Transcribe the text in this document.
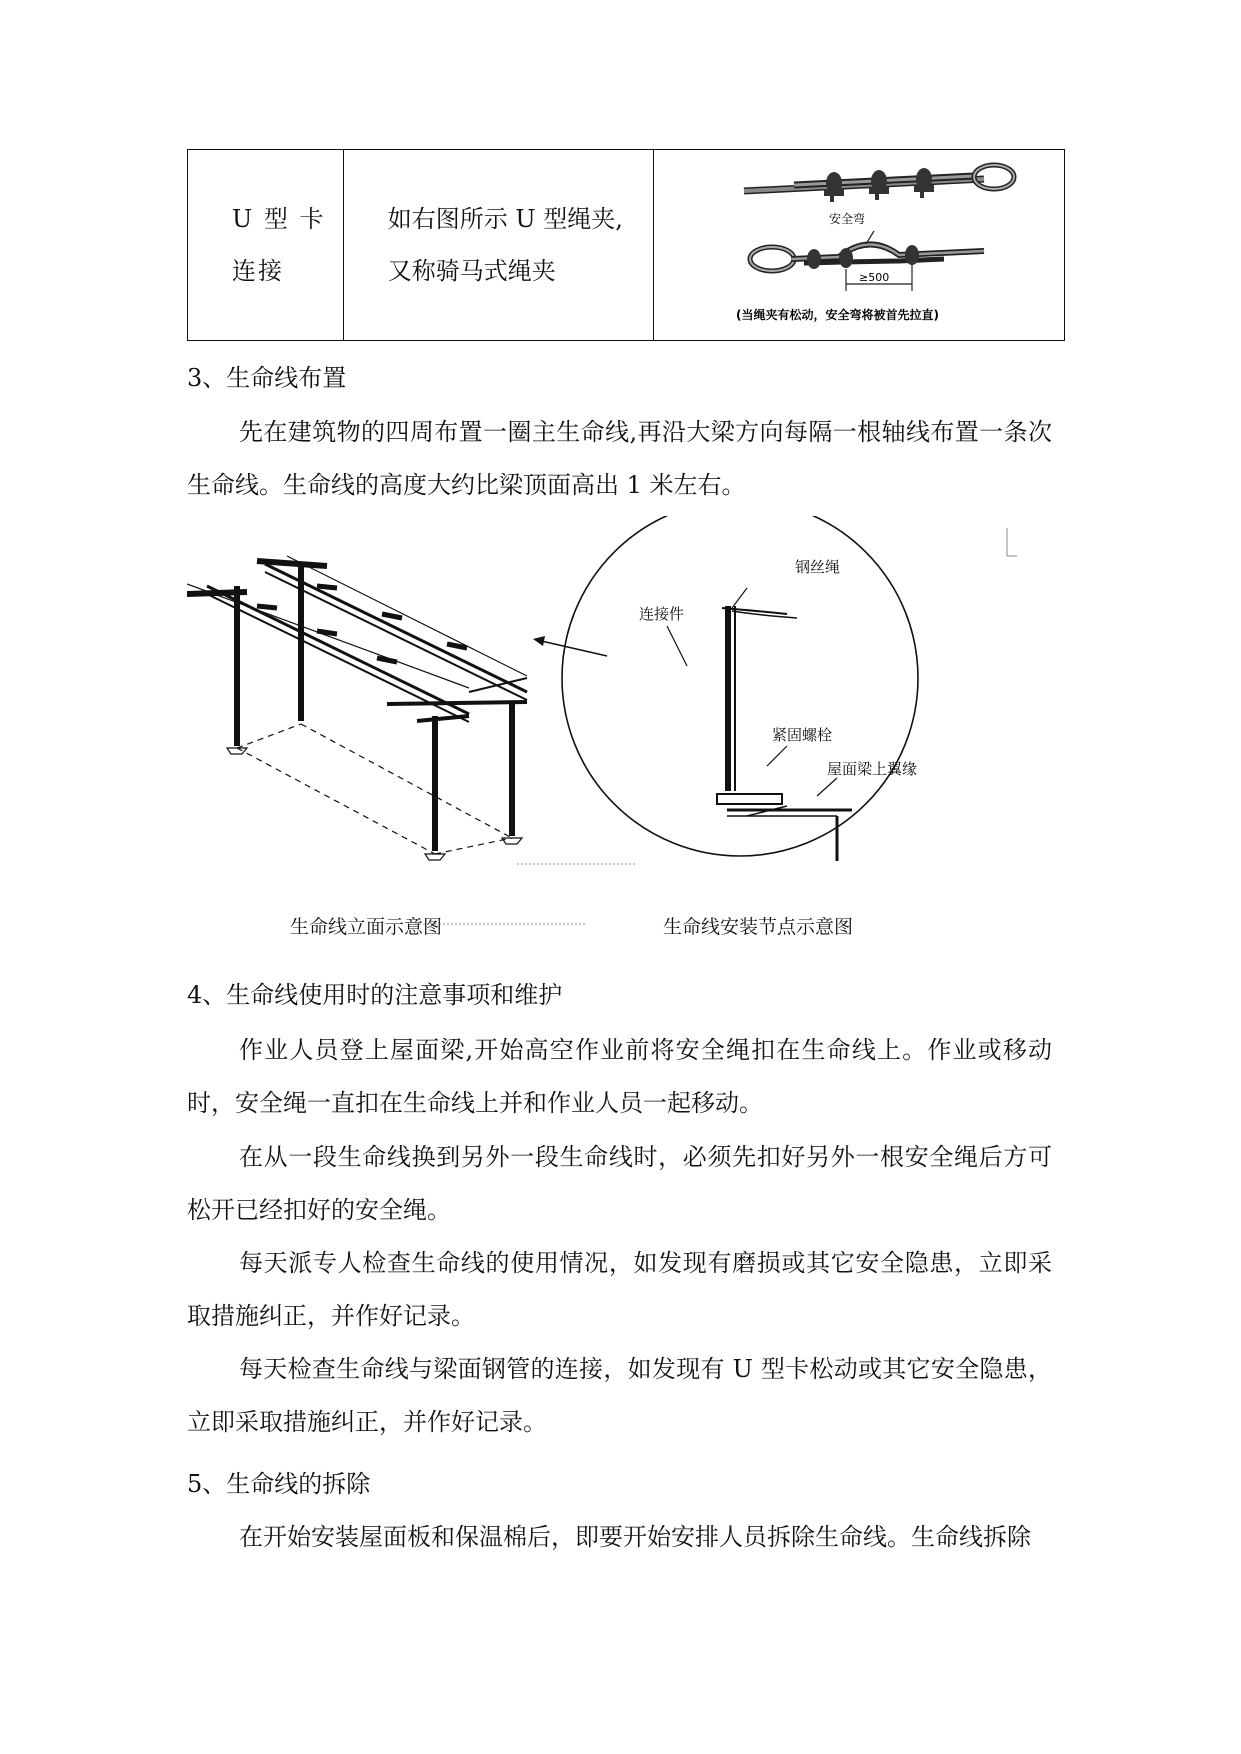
U 型 卡
连接

如右图所示 U 型绳夹,
又称骑马式绳夹

安全弯
≥500
(当绳夹有松动，安全弯将被首先拉直)
3、生命线布置
先在建筑物的四周布置一圈主生命线,再沿大梁方向每隔一根轴线布置一条次生命线。生命线的高度大约比梁顶面高出 1 米左右。
钢丝绳
连接件
紧固螺栓
屋面梁上翼缘
生命线立面示意图	生命线安装节点示意图
4、生命线使用时的注意事项和维护
作业人员登上屋面梁,开始高空作业前将安全绳扣在生命线上。作业或移动时，安全绳一直扣在生命线上并和作业人员一起移动。
在从一段生命线换到另外一段生命线时，必须先扣好另外一根安全绳后方可松开已经扣好的安全绳。
每天派专人检查生命线的使用情况，如发现有磨损或其它安全隐患，立即采取措施纠正，并作好记录。
每天检查生命线与梁面钢管的连接，如发现有 U 型卡松动或其它安全隐患，立即采取措施纠正，并作好记录。
5、生命线的拆除
在开始安装屋面板和保温棉后，即要开始安排人员拆除生命线。生命线拆除
